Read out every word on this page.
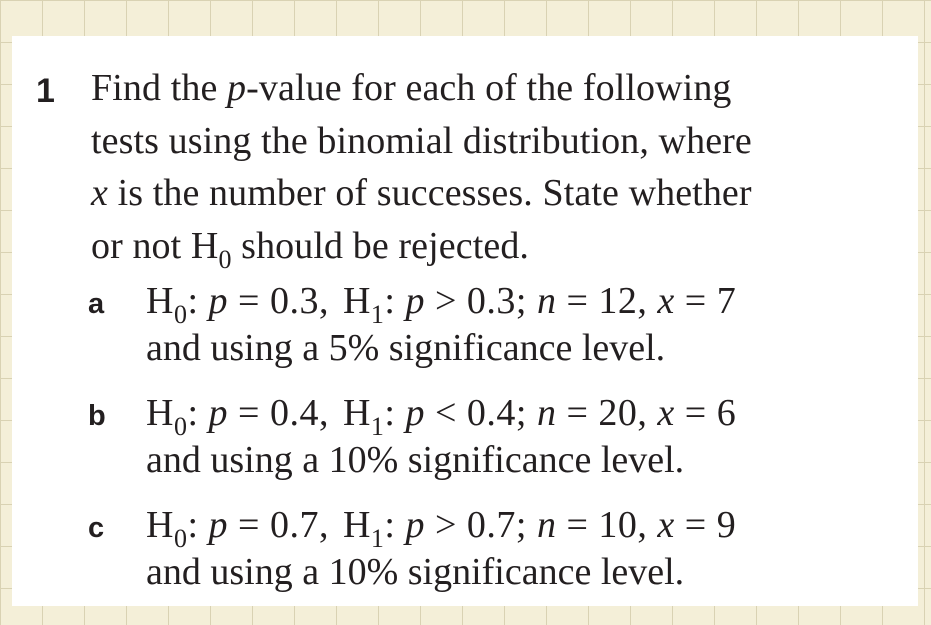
1 Find the p-value for each of the following
tests using the binomial distribution, where
x is the number of successes. State whether
or not $H_0$ should be rejected.
a $H_0$: p = 0.3, $H_1$: p > 0.3; n = 12, x = 7
and using a 5% significance level.
b $H_0$: p = 0.4, $H_1$: p < 0.4; n = 20, x = 6
and using a 10% significance level.
c $H_0$: p = 0.7, $H_1$: p > 0.7; n = 10, x = 9
and using a 10% significance level.
